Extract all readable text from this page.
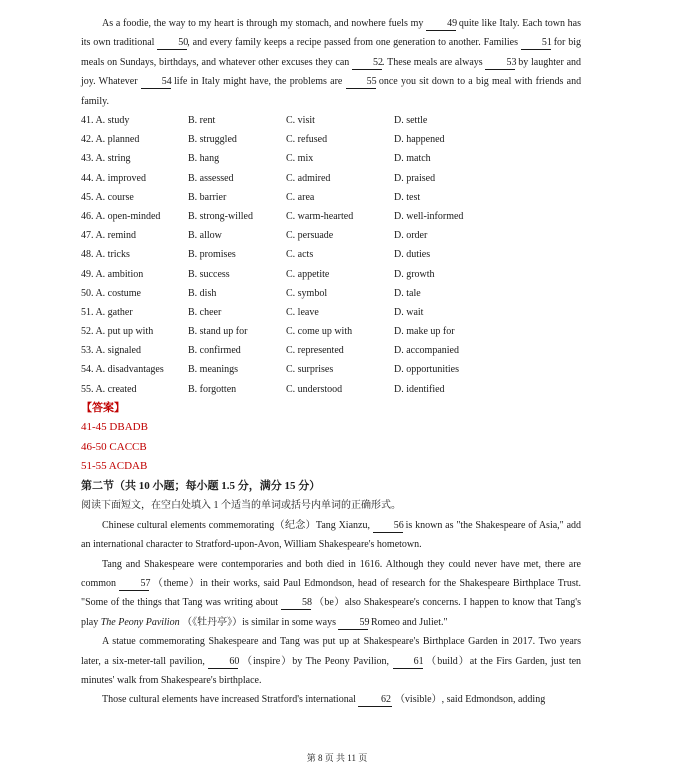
As a foodie, the way to my heart is through my stomach, and nowhere fuels my 49 quite like Italy. Each town has its own traditional 50, and every family keeps a recipe passed from one generation to another. Families 51 for big meals on Sundays, birthdays, and whatever other excuses they can 52. These meals are always 53 by laughter and joy. Whatever 54 life in Italy might have, the problems are 55 once you sit down to a big meal with friends and family.

41. A. study	B. rent	C. visit	D. settle
42. A. planned	B. struggled	C. refused	D. happened
43. A. string	B. hang	C. mix	D. match
44. A. improved	B. assessed	C. admired	D. praised
45. A. course	B. barrier	C. area	D. test
46. A. open-minded	B. strong-willed	C. warm-hearted	D. well-informed
47. A. remind	B. allow	C. persuade	D. order
48. A. tricks	B. promises	C. acts	D. duties
49. A. ambition	B. success	C. appetite	D. growth
50. A. costume	B. dish	C. symbol	D. tale
51. A. gather	B. cheer	C. leave	D. wait
52. A. put up with	B. stand up for	C. come up with	D. make up for
53. A. signaled	B. confirmed	C. represented	D. accompanied
54. A. disadvantages B. meanings	C. surprises	D. opportunities
55. A. created	B. forgotten	C. understood	D. identified
【答案】
41-45 DBADB
46-50 CACCB
51-55 ACDAB
第二节（共 10 小题；每小题 1.5 分，满分 15 分）
阅读下面短文，在空白处填入 1 个适当的单词或括号内单词的正确形式。

Chinese cultural elements commemorating（纪念）Tang Xianzu, 56 is known as "the Shakespeare of Asia," add an international character to Stratford-upon-Avon, William Shakespeare's hometown.

Tang and Shakespeare were contemporaries and both died in 1616. Although they could never have met, there are common 57 （theme）in their works, said Paul Edmondson, head of research for the Shakespeare Birthplace Trust. "Some of the things that Tang was writing about 58 （be）also Shakespeare's concerns. I happen to know that Tang's play The Peony Pavilion （《牡丹亭》）is similar in some ways 59 Romeo and Juliet."

A statue commemorating Shakespeare and Tang was put up at Shakespeare's Birthplace Garden in 2017. Two years later, a six-meter-tall pavilion, 60 （inspire）by The Peony Pavilion, 61 （build）at the Firs Garden, just ten minutes' walk from Shakespeare's birthplace.

Those cultural elements have increased Stratford's international	62 （visible）, said Edmondson, adding

第 8 页 共 11 页
